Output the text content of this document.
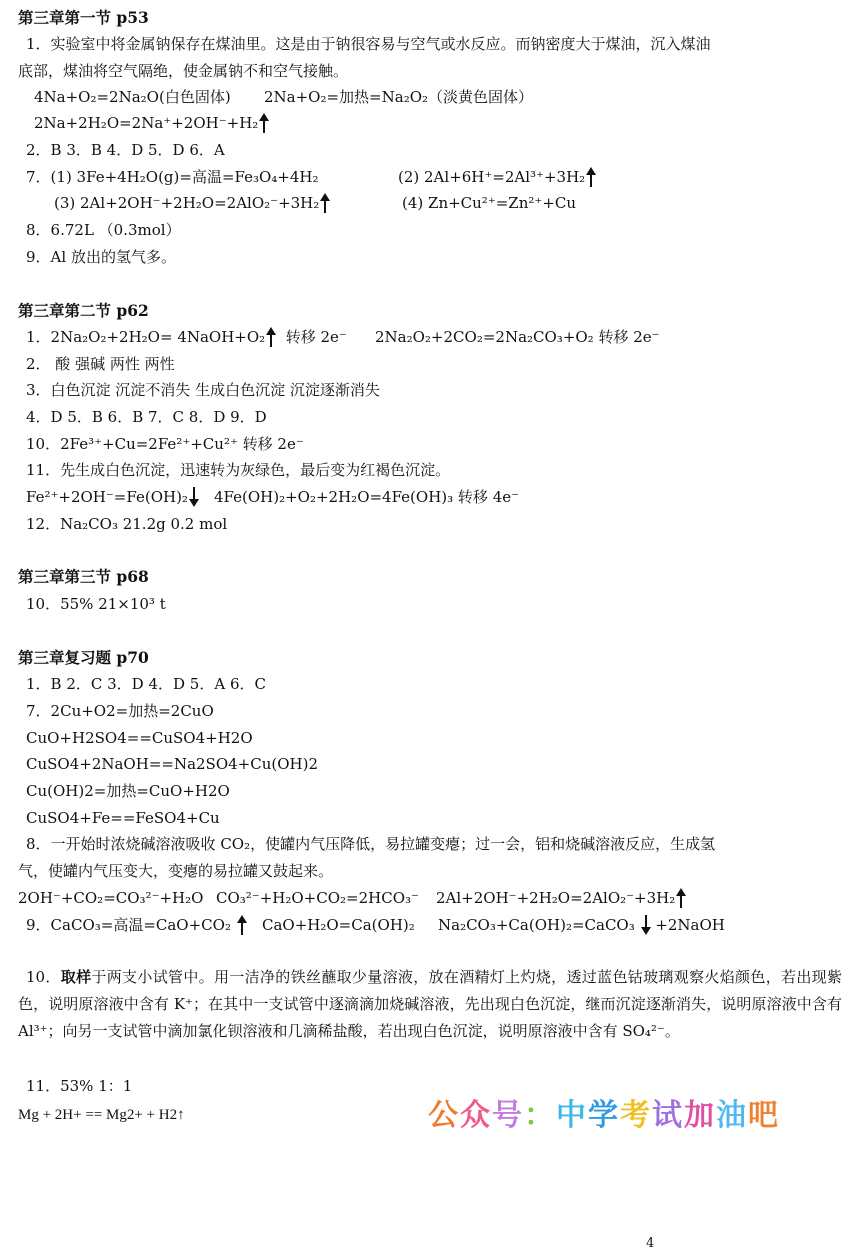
第三章第一节 p53
1．实验室中将金属钠保存在煤油里。这是由于钠很容易与空气或水反应。而钠密度大于煤油，沉入煤油
底部，煤油将空气隔绝，使金属钠不和空气接触。
4Na+O₂=2Na₂O(白色固体) 2Na+O₂=加热=Na₂O₂（淡黄色固体）
2Na+2H₂O=2Na⁺+2OH⁻+H₂
2．B 3．B 4．D 5．D 6．A
7．(1) 3Fe+4H₂O(g)=高温=Fe₃O₄+4H₂	(2) 2Al+6H⁺=2Al³⁺+3H₂
(3) 2Al+2OH⁻+2H₂O=2AlO₂⁻+3H₂	(4) Zn+Cu²⁺=Zn²⁺+Cu
8．6.72L （0.3mol）
9．Al 放出的氢气多。
第三章第二节 p62
1．2Na₂O₂+2H₂O= 4NaOH+O₂ 转移 2e⁻ 2Na₂O₂+2CO₂=2Na₂CO₃+O₂ 转移 2e⁻
2． 酸 强碱 两性 两性
3．白色沉淀 沉淀不消失 生成白色沉淀 沉淀逐渐消失
4．D 5．B 6．B 7．C 8．D 9．D
10．2Fe³⁺+Cu=2Fe²⁺+Cu²⁺ 转移 2e⁻
11．先生成白色沉淀，迅速转为灰绿色，最后变为红褐色沉淀。
Fe²⁺+2OH⁻=Fe(OH)₂	4Fe(OH)₂+O₂+2H₂O=4Fe(OH)₃ 转移 4e⁻
12．Na₂CO₃ 21.2g 0.2 mol
第三章第三节 p68
10．55% 21×10³ t
第三章复习题 p70
1．B 2．C 3．D 4．D 5．A 6．C
7．2Cu+O2=加热=2CuO
CuO+H2SO4==CuSO4+H2O
CuSO4+2NaOH==Na2SO4+Cu(OH)2
Cu(OH)2=加热=CuO+H2O
CuSO4+Fe==FeSO4+Cu
8．一开始时浓烧碱溶液吸收 CO₂，使罐内气压降低，易拉罐变瘪；过一会，铝和烧碱溶液反应，生成氢
气，使罐内气压变大，变瘪的易拉罐又鼓起来。
2OH⁻+CO₂=CO₃²⁻+H₂O CO₃²⁻+H₂O+CO₂=2HCO₃⁻ 2Al+2OH⁻+2H₂O=2AlO₂⁻+3H₂
9．CaCO₃=高温=CaO+CO₂	CaO+H₂O=Ca(OH)₂ Na₂CO₃+Ca(OH)₂=CaCO₃ +2NaOH
10．取样于两支小试管中。用一洁净的铁丝蘸取少量溶液，放在酒精灯上灼烧，透过蓝色钴玻璃观察火焰颜色，若出现紫色，说明原溶液中含有 K⁺；在其中一支试管中逐滴滴加烧碱溶液，先出现白色沉淀，继而沉淀逐渐消失，说明原溶液中含有 Al³⁺；向另一支试管中滴加氯化钡溶液和几滴稀盐酸，若出现白色沉淀，说明原溶液中含有 SO₄²⁻。
11．53% 1：1
Mg + 2H+ == Mg2+ + H2↑	公众号：中学考试加油吧
4
